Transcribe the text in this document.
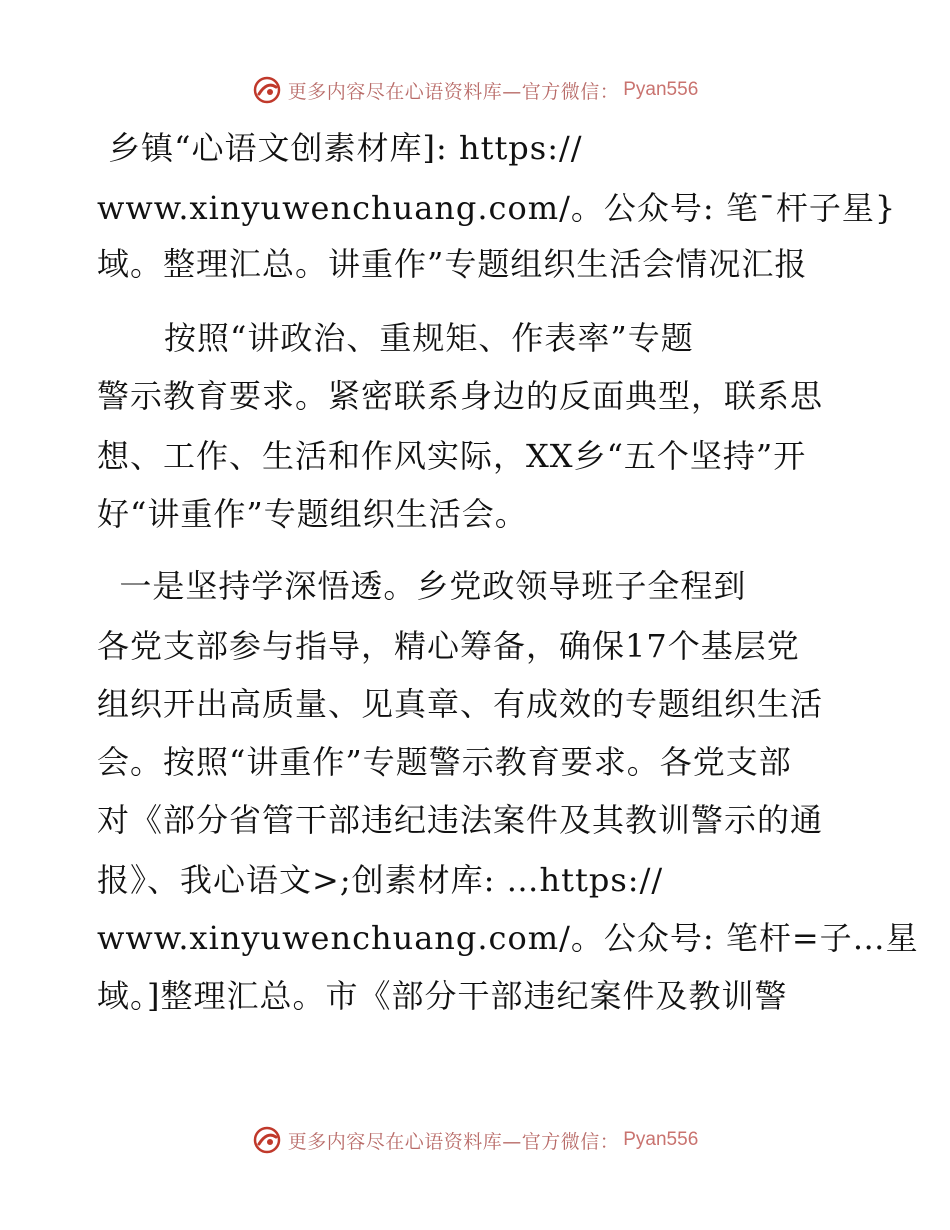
更多内容尽在心语资料库—官方微信： Pyan556
乡镇“心语文创素材库]: https://
www.xinyuwenchuang.com/。公众号: 笔¯杆子星}
域。整理汇总。讲重作”专题组织生活会情况汇报
按照“讲政治、重规矩、作表率”专题
警示教育要求。紧密联系身边的反面典型，联系思
想、工作、生活和作风实际，XX乡“五个坚持”开
好“讲重作”专题组织生活会。
一是坚持学深悟透。乡党政领导班子全程到
各党支部参与指导，精心筹备，确保17个基层党
组织开出高质量、见真章、有成效的专题组织生活
会。按照“讲重作”专题警示教育要求。各党支部
对《部分省管干部违纪违法案件及其教训警示的通
报》、我心语文>;创素材库: …https://
www.xinyuwenchuang.com/。公众号: 笔杆=子…星
域。]整理汇总。市《部分干部违纪案件及教训警
更多内容尽在心语资料库—官方微信： Pyan556
